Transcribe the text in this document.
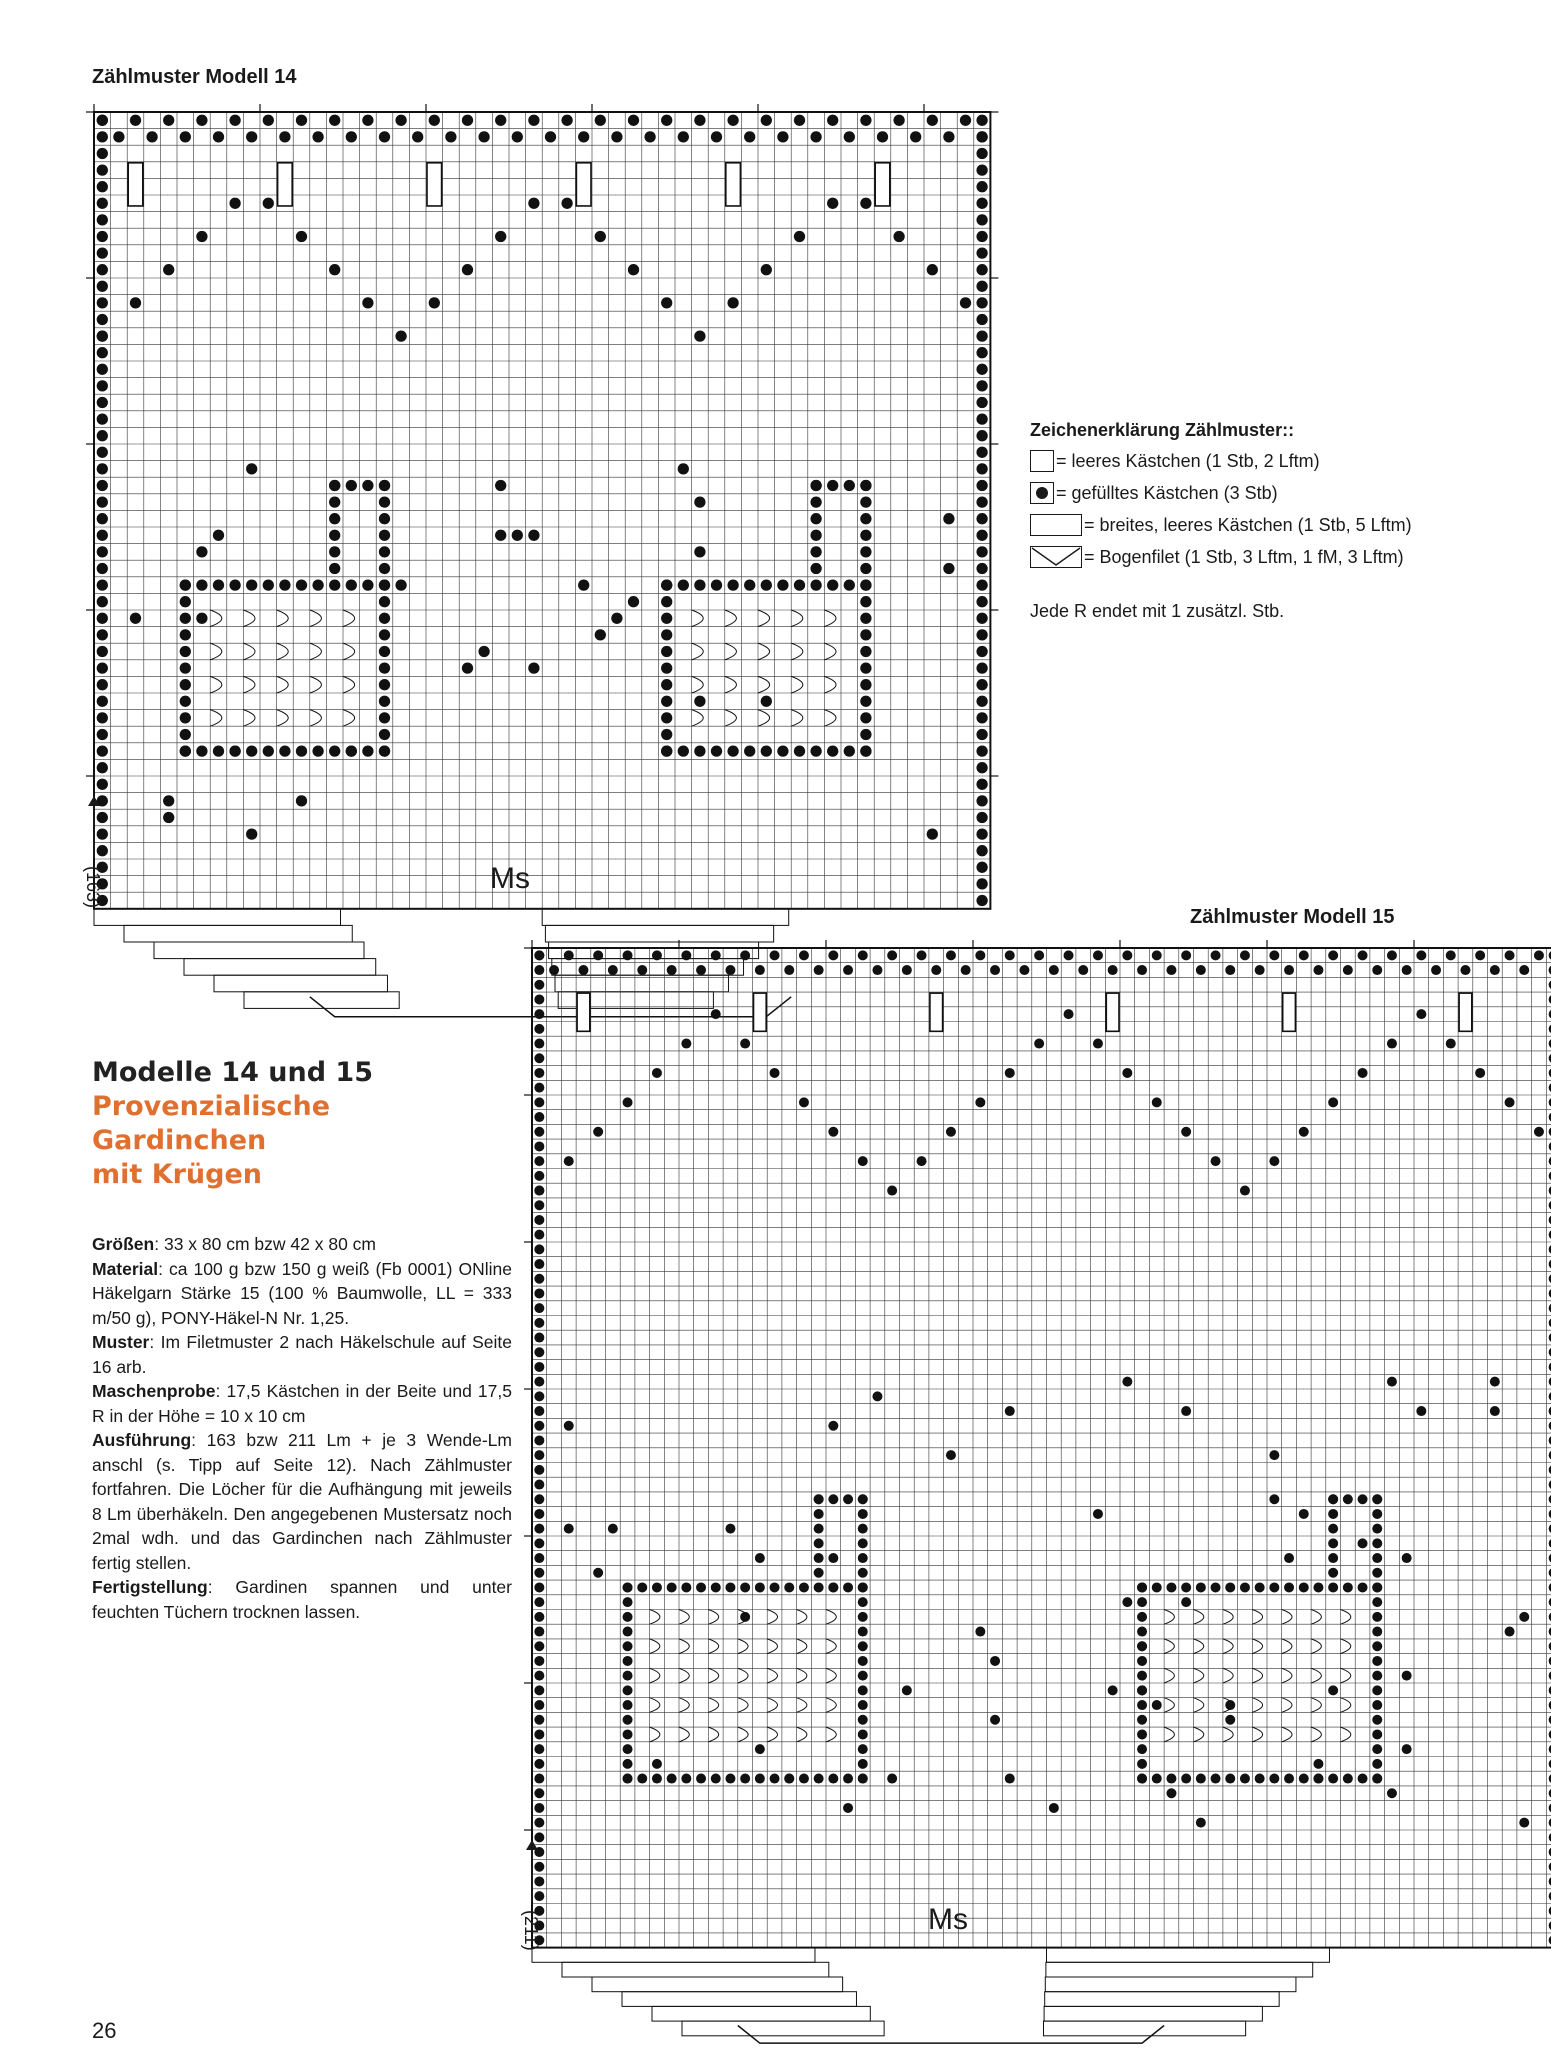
Zählmuster Modell 14
(163)	Ms
Zeichenerklärung Zählmuster::
= leeres Kästchen (1 Stb, 2 Lftm)
= gefülltes Kästchen (3 Stb)
= breites, leeres Kästchen (1 Stb, 5 Lftm)
= Bogenfilet (1 Stb, 3 Lftm, 1 fM, 3 Lftm)
Jede R endet mit 1 zusätzl. Stb.
Zählmuster Modell 15
(211)	Ms
Modelle 14 und 15
Provenzialische Gardinchen
mit Krügen
Größen: 33 x 80 cm bzw 42 x 80 cm
Material: ca 100 g bzw 150 g weiß (Fb 0001) ONline Häkelgarn Stärke 15 (100 % Baumwolle, LL = 333 m/50 g), PONY-Häkel-N Nr. 1,25.
Muster: Im Filetmuster 2 nach Häkelschule auf Seite 16 arb.
Maschenprobe: 17,5 Kästchen in der Beite und 17,5 R in der Höhe = 10 x 10 cm
Ausführung: 163 bzw 211 Lm + je 3 Wende-Lm anschl (s. Tipp auf Seite 12). Nach Zählmuster fortfahren. Die Löcher für die Aufhängung mit jeweils 8 Lm überhäkeln. Den angegebenen Mustersatz noch 2mal wdh. und das Gardinchen nach Zählmuster fertig stellen.
Fertigstellung: Gardinen spannen und unter feuchten Tüchern trocknen lassen.
26
